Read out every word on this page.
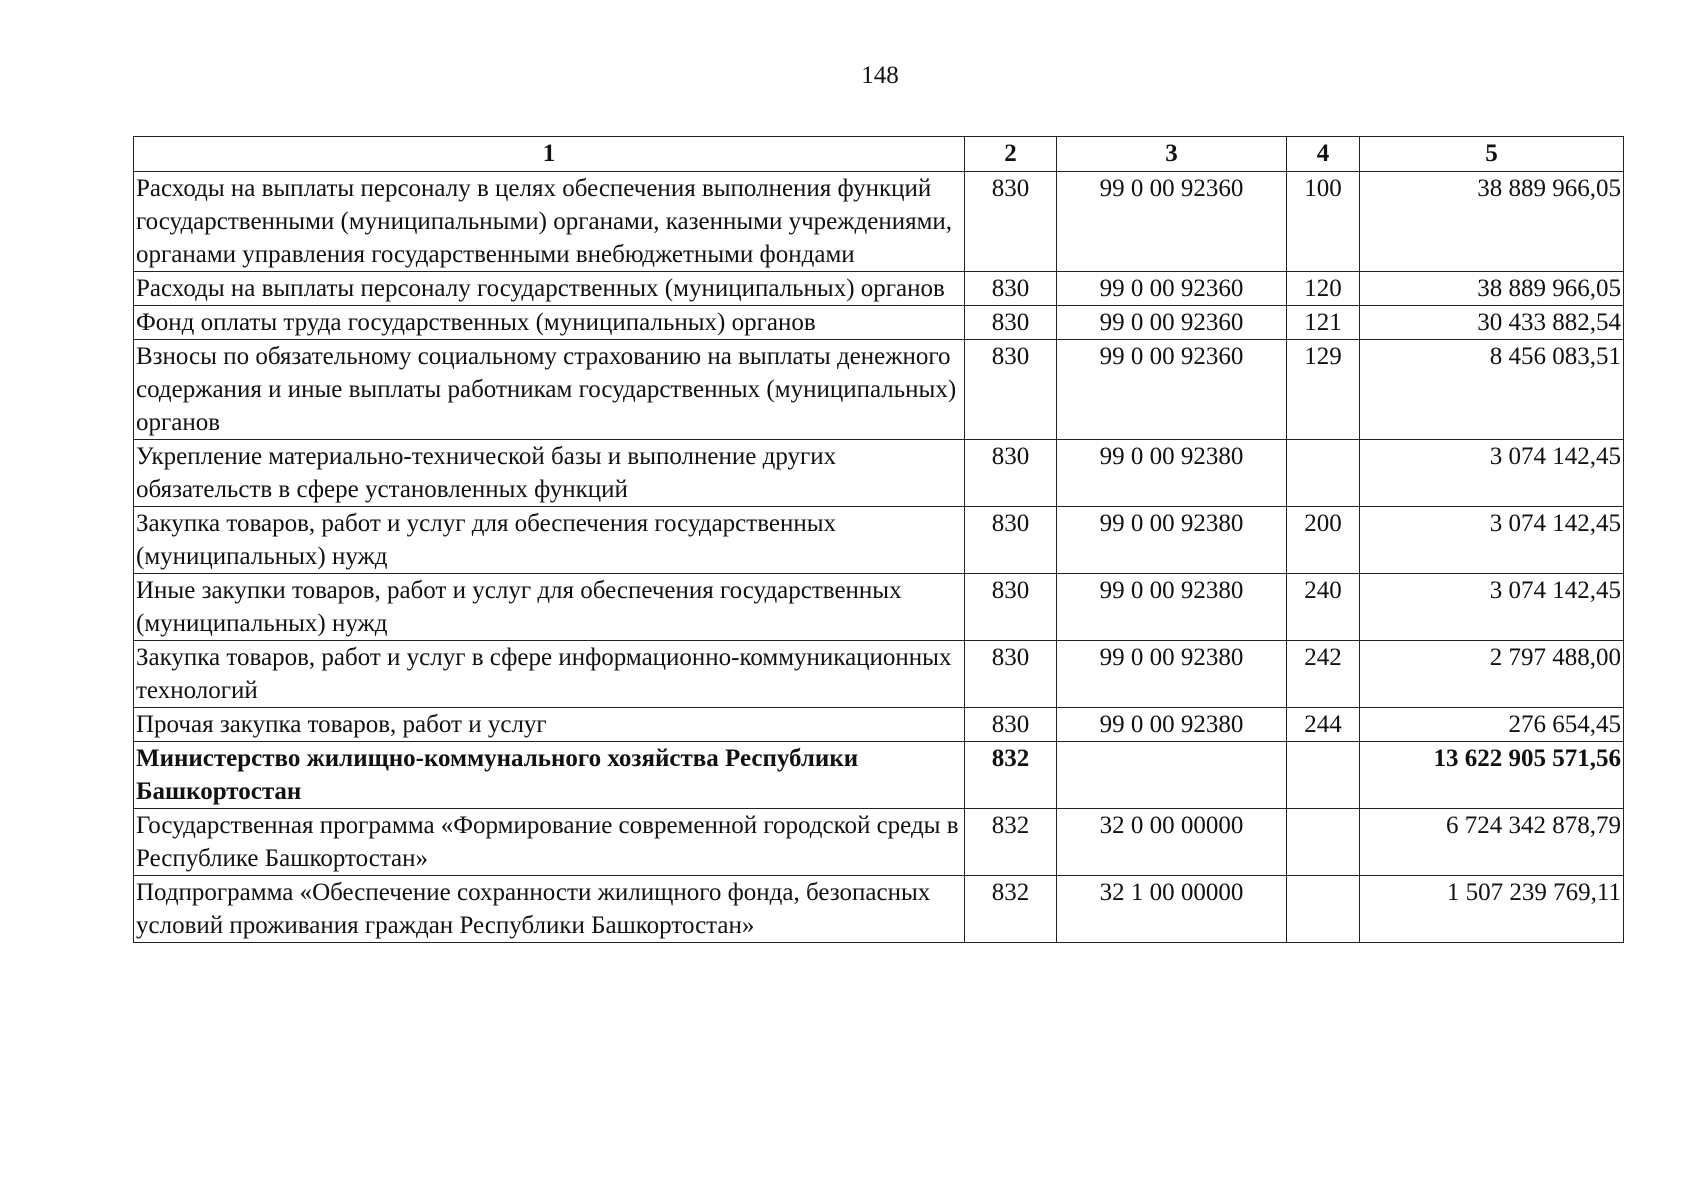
148
1	2	3	4	5
Расходы на выплаты персоналу в целях обеспечения выполнения функций государственными (муниципальными) органами, казенными учреждениями, органами управления государственными внебюджетными фондами	830	99 0 00 92360	100	38 889 966,05
Расходы на выплаты персоналу государственных (муниципальных) органов	830	99 0 00 92360	120	38 889 966,05
Фонд оплаты труда государственных (муниципальных) органов	830	99 0 00 92360	121	30 433 882,54
Взносы по обязательному социальному страхованию на выплаты денежного содержания и иные выплаты работникам государственных (муниципальных) органов	830	99 0 00 92360	129	8 456 083,51
Укрепление материально-технической базы и выполнение других обязательств в сфере установленных функций	830	99 0 00 92380		3 074 142,45
Закупка товаров, работ и услуг для обеспечения государственных (муниципальных) нужд	830	99 0 00 92380	200	3 074 142,45
Иные закупки товаров, работ и услуг для обеспечения государственных (муниципальных) нужд	830	99 0 00 92380	240	3 074 142,45
Закупка товаров, работ и услуг в сфере информационно-коммуникационных технологий	830	99 0 00 92380	242	2 797 488,00
Прочая закупка товаров, работ и услуг	830	99 0 00 92380	244	276 654,45
Министерство жилищно-коммунального хозяйства Республики Башкортостан	832			13 622 905 571,56
Государственная программа «Формирование современной городской среды в Республике Башкортостан»	832	32 0 00 00000		6 724 342 878,79
Подпрограмма «Обеспечение сохранности жилищного фонда, безопасных условий проживания граждан Республики Башкортостан»	832	32 1 00 00000		1 507 239 769,11
